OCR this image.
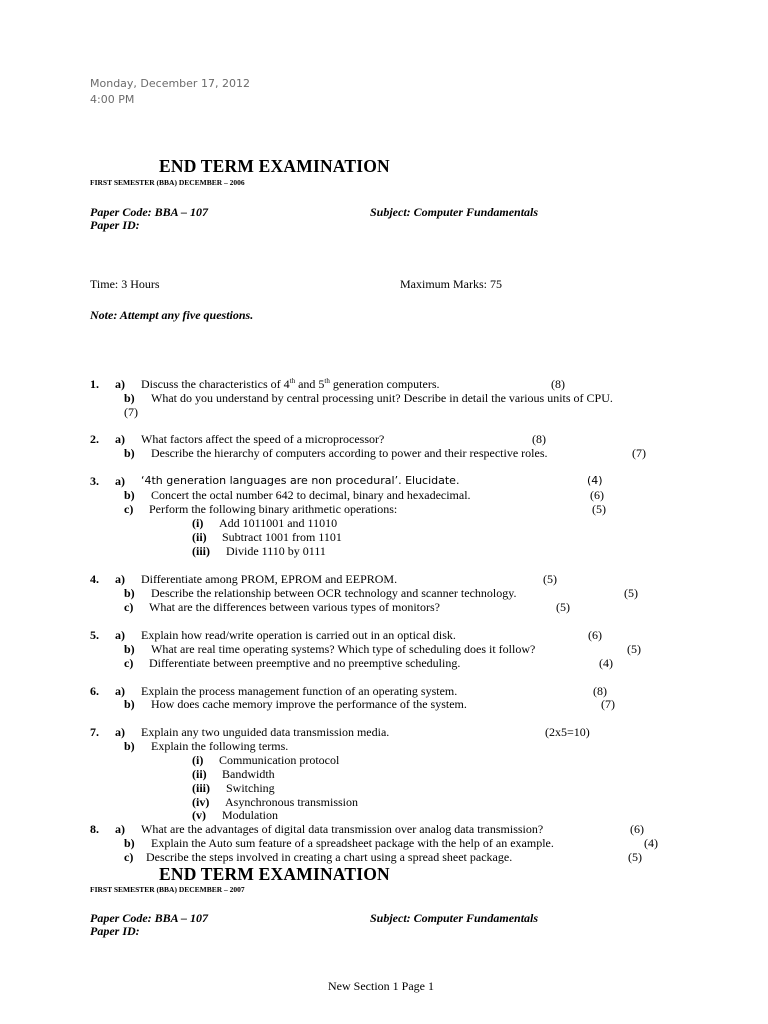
Monday, December 17, 2012
4:00 PM
END TERM EXAMINATION
FIRST SEMESTER (BBA) DECEMBER – 2006
Paper Code: BBA – 107	Subject: Computer Fundamentals
Paper ID:
Time: 3 Hours	Maximum Marks: 75
Note: Attempt any five questions.
1. a) Discuss the characteristics of 4th and 5th generation computers.	(8)
b) What do you understand by central processing unit? Describe in detail the various units of CPU.
(7)
2. a) What factors affect the speed of a microprocessor?	(8)
b) Describe the hierarchy of computers according to power and their respective roles.	(7)
3. a) ‘4th generation languages are non procedural’. Elucidate.	(4)
b) Concert the octal number 642 to decimal, binary and hexadecimal.	(6)
c) Perform the following binary arithmetic operations:	(5)
(i) Add 1011001 and 11010
(ii) Subtract 1001 from 1101
(iii) Divide 1110 by 0111
4. a) Differentiate among PROM, EPROM and EEPROM.	(5)
b) Describe the relationship between OCR technology and scanner technology.	(5)
c) What are the differences between various types of monitors?	(5)
5. a) Explain how read/write operation is carried out in an optical disk.	(6)
b) What are real time operating systems? Which type of scheduling does it follow?	(5)
c) Differentiate between preemptive and no preemptive scheduling.	(4)
6. a) Explain the process management function of an operating system.	(8)
b) How does cache memory improve the performance of the system.	(7)
7. a) Explain any two unguided data transmission media.	(2x5=10)
b) Explain the following terms.
(i) Communication protocol
(ii) Bandwidth
(iii) Switching
(iv) Asynchronous transmission
(v) Modulation
8. a) What are the advantages of digital data transmission over analog data transmission?	(6)
b) Explain the Auto sum feature of a spreadsheet package with the help of an example.	(4)
c) Describe the steps involved in creating a chart using a spread sheet package.	(5)
END TERM EXAMINATION
FIRST SEMESTER (BBA) DECEMBER – 2007
Paper Code: BBA – 107	Subject: Computer Fundamentals
Paper ID:
New Section 1 Page 1
